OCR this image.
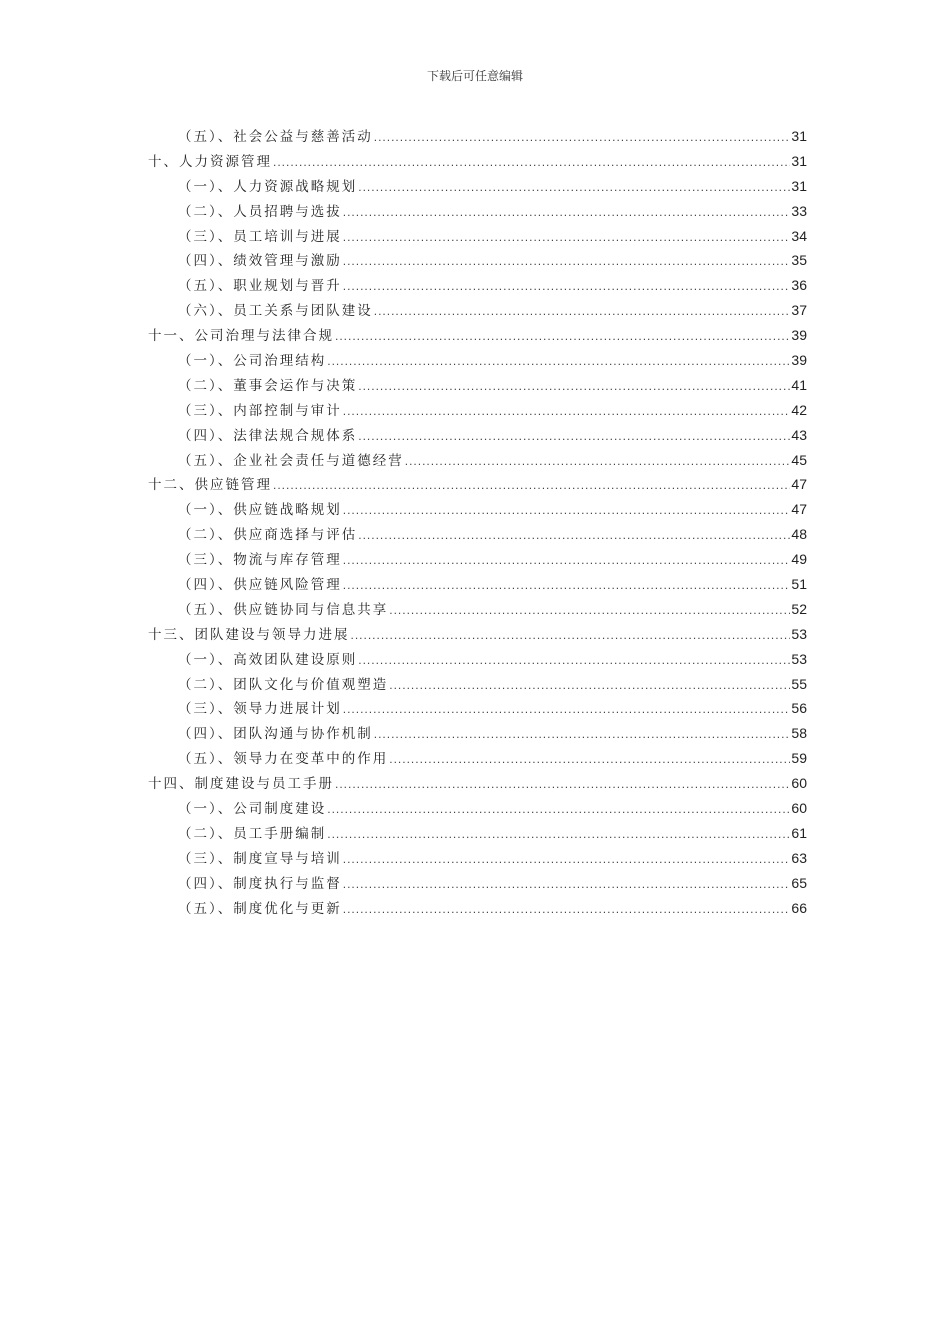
下载后可任意编辑
（五）、社会公益与慈善活动 .....	31
十、人力资源管理 .....	31
（一）、人力资源战略规划 .....	31
（二）、人员招聘与选拔 .....	33
（三）、员工培训与进展 .....	34
（四）、绩效管理与激励 .....	35
（五）、职业规划与晋升 .....	36
（六）、员工关系与团队建设 .....	37
十一、公司治理与法律合规 .....	39
（一）、公司治理结构 .....	39
（二）、董事会运作与决策 .....	41
（三）、内部控制与审计 .....	42
（四）、法律法规合规体系 .....	43
（五）、企业社会责任与道德经营 .....	45
十二、供应链管理 .....	47
（一）、供应链战略规划 .....	47
（二）、供应商选择与评估 .....	48
（三）、物流与库存管理 .....	49
（四）、供应链风险管理 .....	51
（五）、供应链协同与信息共享 .....	52
十三、团队建设与领导力进展 .....	53
（一）、高效团队建设原则 .....	53
（二）、团队文化与价值观塑造 .....	55
（三）、领导力进展计划 .....	56
（四）、团队沟通与协作机制 .....	58
（五）、领导力在变革中的作用 .....	59
十四、制度建设与员工手册 .....	60
（一）、公司制度建设 .....	60
（二）、员工手册编制 .....	61
（三）、制度宣导与培训 .....	63
（四）、制度执行与监督 .....	65
（五）、制度优化与更新 .....	66
